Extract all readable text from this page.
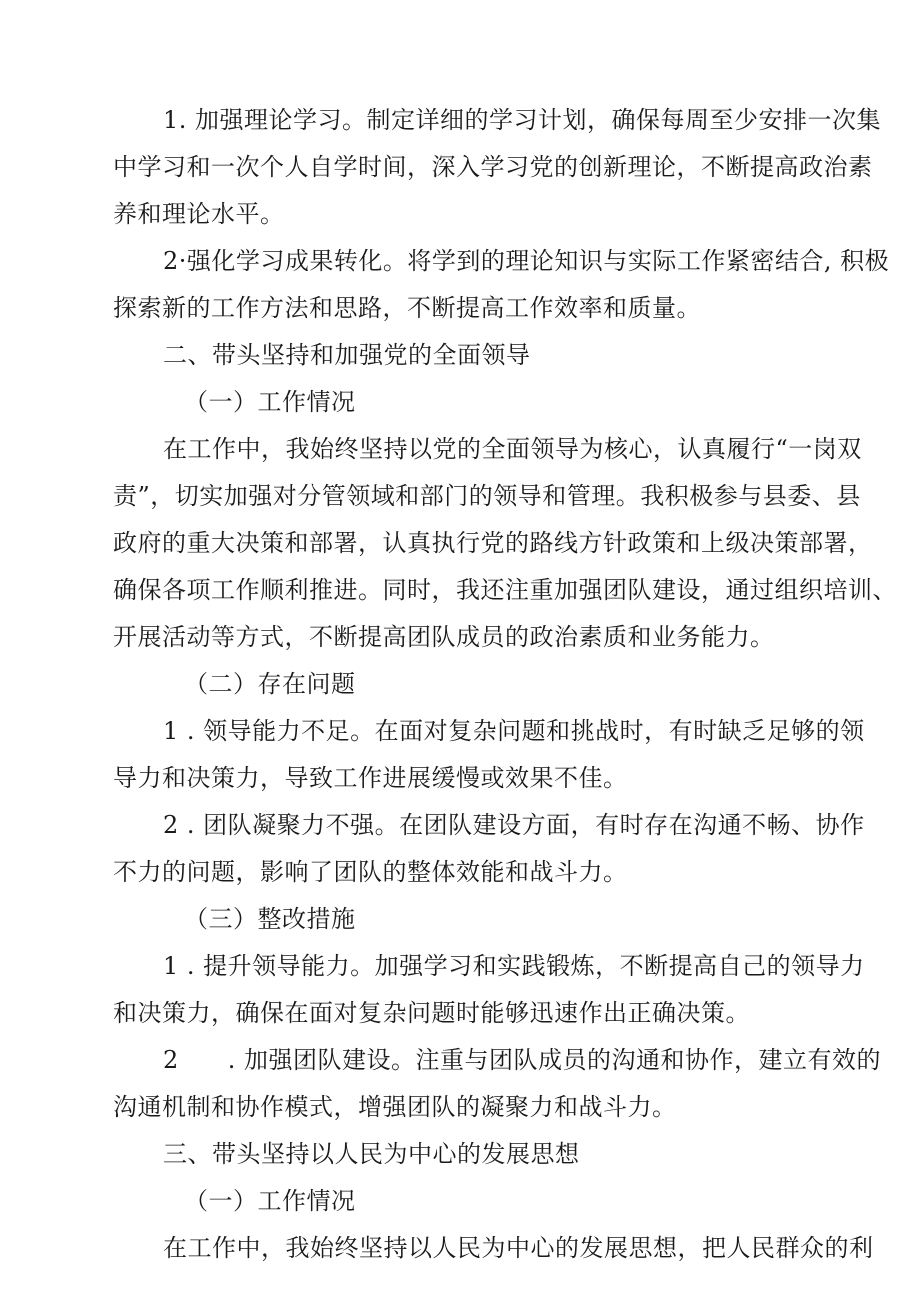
1. 加强理论学习。制定详细的学习计划，确保每周至少安排一次集
中学习和一次个人自学时间，深入学习党的创新理论，不断提高政治素
养和理论水平。
2·强化学习成果转化。将学到的理论知识与实际工作紧密结合, 积极
探索新的工作方法和思路，不断提高工作效率和质量。
二、带头坚持和加强党的全面领导
（一）工作情况
在工作中，我始终坚持以党的全面领导为核心，认真履行“一岗双
责”，切实加强对分管领域和部门的领导和管理。我积极参与县委、县
政府的重大决策和部署，认真执行党的路线方针政策和上级决策部署，
确保各项工作顺利推进。同时，我还注重加强团队建设，通过组织培训、
开展活动等方式，不断提高团队成员的政治素质和业务能力。
（二）存在问题
1 . 领导能力不足。在面对复杂问题和挑战时，有时缺乏足够的领
导力和决策力，导致工作进展缓慢或效果不佳。
2 . 团队凝聚力不强。在团队建设方面，有时存在沟通不畅、协作
不力的问题，影响了团队的整体效能和战斗力。
（三）整改措施
1 . 提升领导能力。加强学习和实践锻炼，不断提高自己的领导力
和决策力，确保在面对复杂问题时能够迅速作出正确决策。
2　　. 加强团队建设。注重与团队成员的沟通和协作，建立有效的
沟通机制和协作模式，增强团队的凝聚力和战斗力。
三、带头坚持以人民为中心的发展思想
（一）工作情况
在工作中，我始终坚持以人民为中心的发展思想，把人民群众的利
